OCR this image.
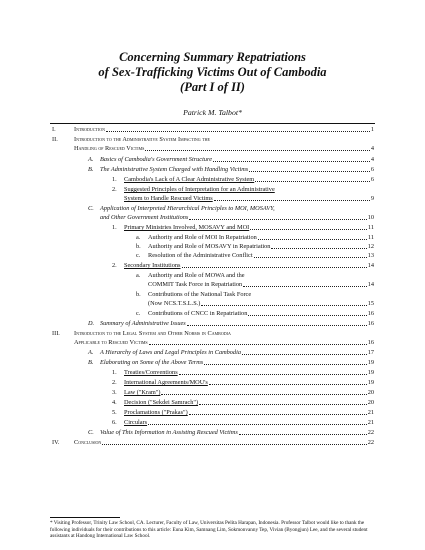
Concerning Summary Repatriations
of Sex-Trafficking Victims Out of Cambodia
(Part I of II)
Patrick M. Talbot*
I.	Introduction	1
II.	Introduction to the Administrative System Impacting the
Handling of Rescued Victims	4
A. Basics of Cambodia's Government Structure	4
B. The Administrative System Charged with Handling Victims	6
1. Cambodia's Lack of A Clear Administrative System	6
2. Suggested Principles of Interpretation for an Administrative
System to Handle Rescued Victims	9
C. Application of Interpreted Hierarchical Principles to MOI, MOSAVY,
and Other Government Institutions	10
1. Primary Ministries Involved, MOSAVY and MOI	11
a. Authority and Role of MOI In Repatriation	11
b. Authority and Role of MOSAVY in Repatriation	12
c. Resolution of the Administrative Conflict	13
2. Secondary Institutions	14
a. Authority and Role of MOWA and the
COMMIT Task Force in Repatriation	14
b. Contributions of the National Task Force
(Now NCS.T.S.L.S.)	15
c. Contributions of CNCC in Repatriation	16
D. Summary of Administrative Issues	16
III. Introduction to the Legal System and Other Norms in Cambodia
Applicable to Rescued Victims	16
A. A Hierarchy of Laws and Legal Principles in Cambodia	17
B. Elaborating on Some of the Above Terms	19
1. Treaties/Conventions	19
2. International Agreements/MOU's	19
3. Law ("Kram")	20
4. Decision ("Sekdei Samrach")	20
5. Proclamations ("Prakas")	21
6. Circulars	21
C. Value of This Information in Assisting Rescued Victims	22
IV. Conclusion	22
* Visiting Professor, Trinity Law School, CA. Lecturer, Faculty of Law, Universitas Pelita Harapan, Indonesia. Professor Talbot would like to thank the following individuals for their contributions to this article: Euna Kim, Samnang Lim, Sokmonvanny Tep, Vivian (Byongjun) Lee, and the several student assistants at Handong International Law School.
